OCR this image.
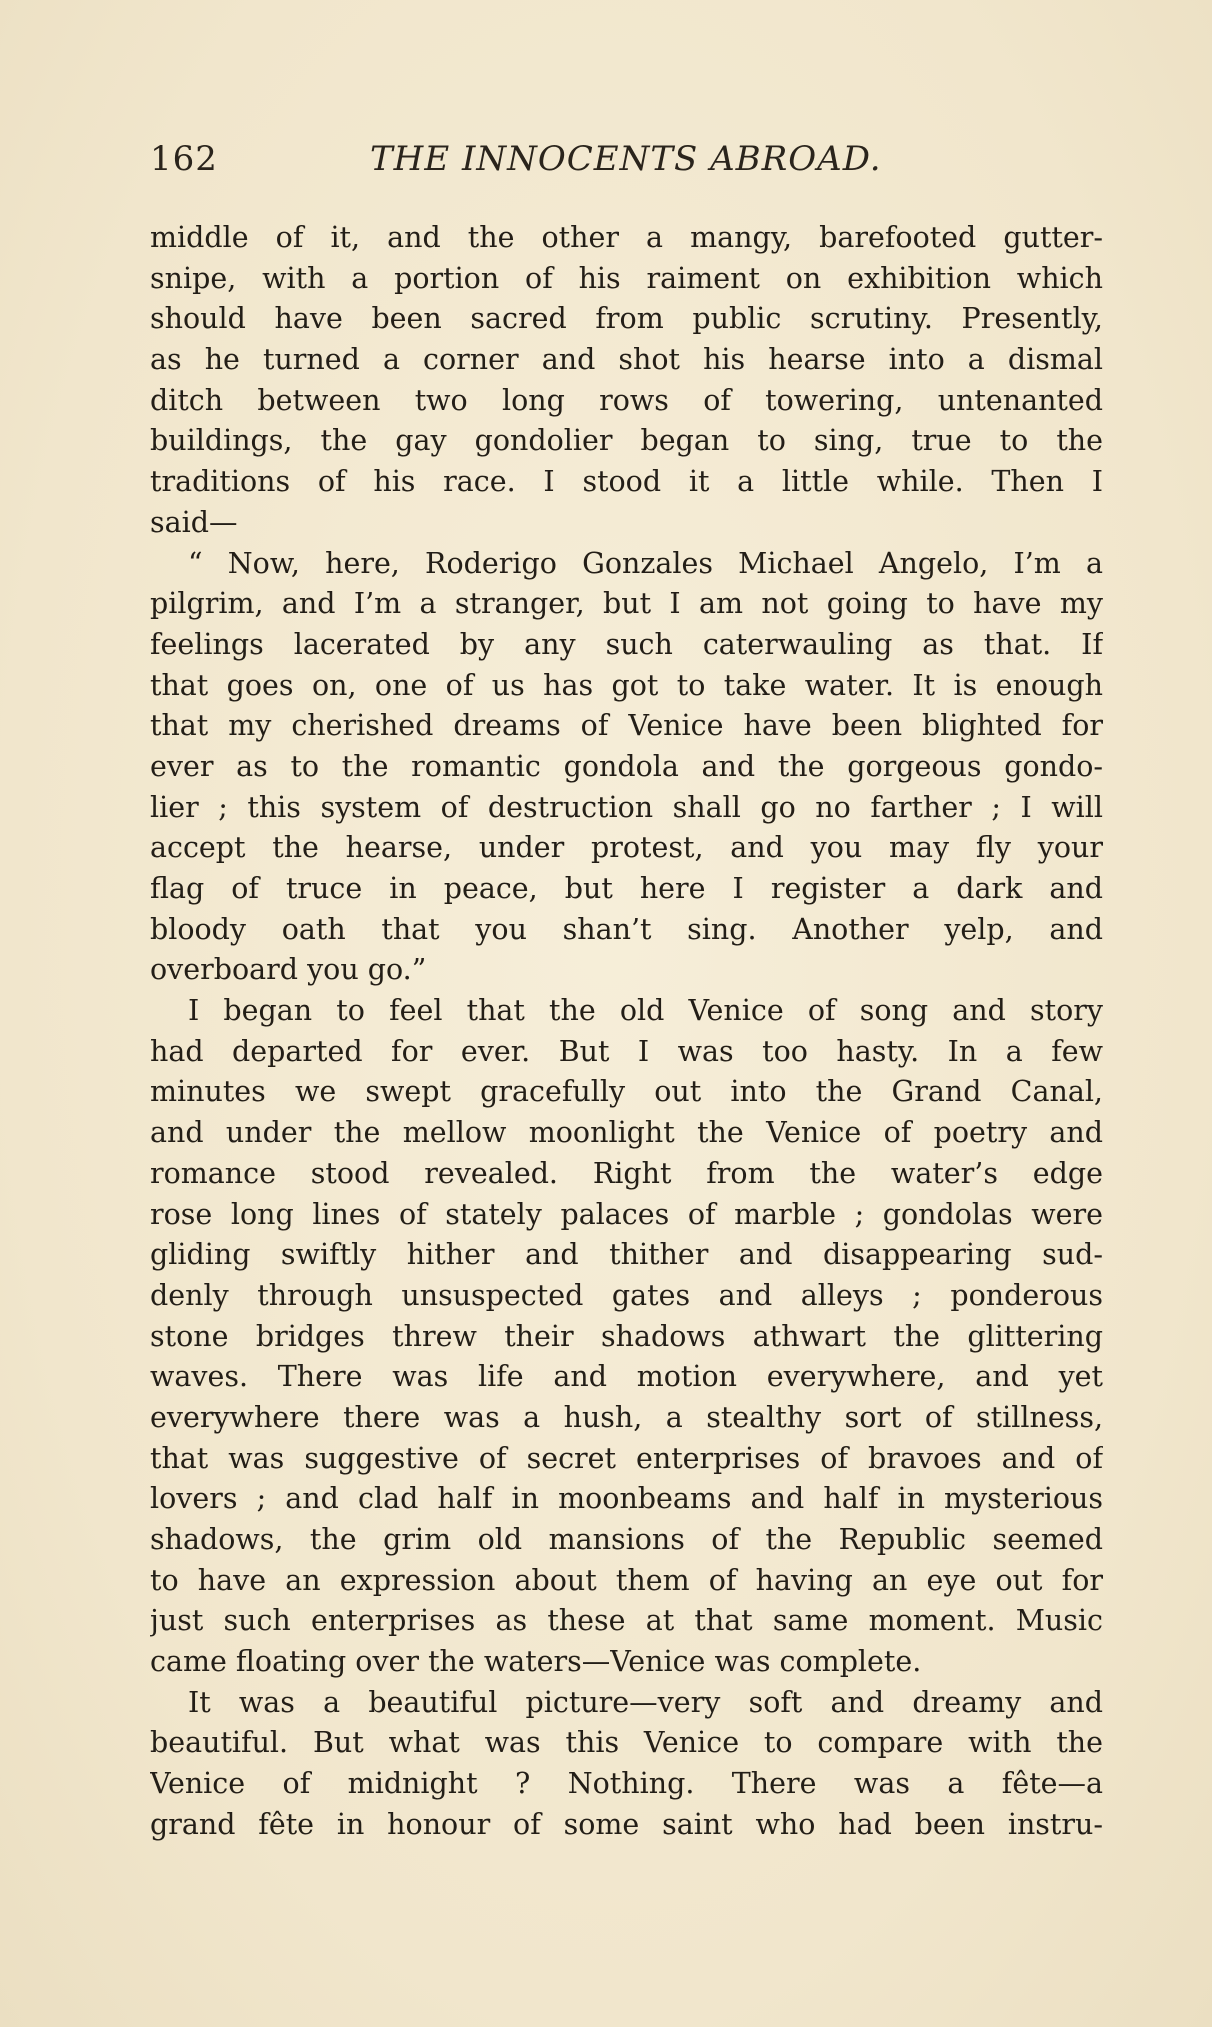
162	THE INNOCENTS ABROAD.
middle of it, and the other a mangy, barefooted gutter-
snipe, with a portion of his raiment on exhibition which
should have been sacred from public scrutiny. Presently,
as he turned a corner and shot his hearse into a dismal
ditch between two long rows of towering, untenanted
buildings, the gay gondolier began to sing, true to the
traditions of his race. I stood it a little while. Then I
said—
“ Now, here, Roderigo Gonzales Michael Angelo, I’m a
pilgrim, and I’m a stranger, but I am not going to have my
feelings lacerated by any such caterwauling as that. If
that goes on, one of us has got to take water. It is enough
that my cherished dreams of Venice have been blighted for
ever as to the romantic gondola and the gorgeous gondo-
lier ; this system of destruction shall go no farther ; I will
accept the hearse, under protest, and you may fly your
flag of truce in peace, but here I register a dark and
bloody oath that you shan’t sing. Another yelp, and
overboard you go.”
I began to feel that the old Venice of song and story
had departed for ever. But I was too hasty. In a few
minutes we swept gracefully out into the Grand Canal,
and under the mellow moonlight the Venice of poetry and
romance stood revealed. Right from the water’s edge
rose long lines of stately palaces of marble ; gondolas were
gliding swiftly hither and thither and disappearing sud-
denly through unsuspected gates and alleys ; ponderous
stone bridges threw their shadows athwart the glittering
waves. There was life and motion everywhere, and yet
everywhere there was a hush, a stealthy sort of stillness,
that was suggestive of secret enterprises of bravoes and of
lovers ; and clad half in moonbeams and half in mysterious
shadows, the grim old mansions of the Republic seemed
to have an expression about them of having an eye out for
just such enterprises as these at that same moment. Music
came floating over the waters—Venice was complete.
It was a beautiful picture—very soft and dreamy and
beautiful. But what was this Venice to compare with the
Venice of midnight ? Nothing. There was a fête—a
grand fête in honour of some saint who had been instru-
